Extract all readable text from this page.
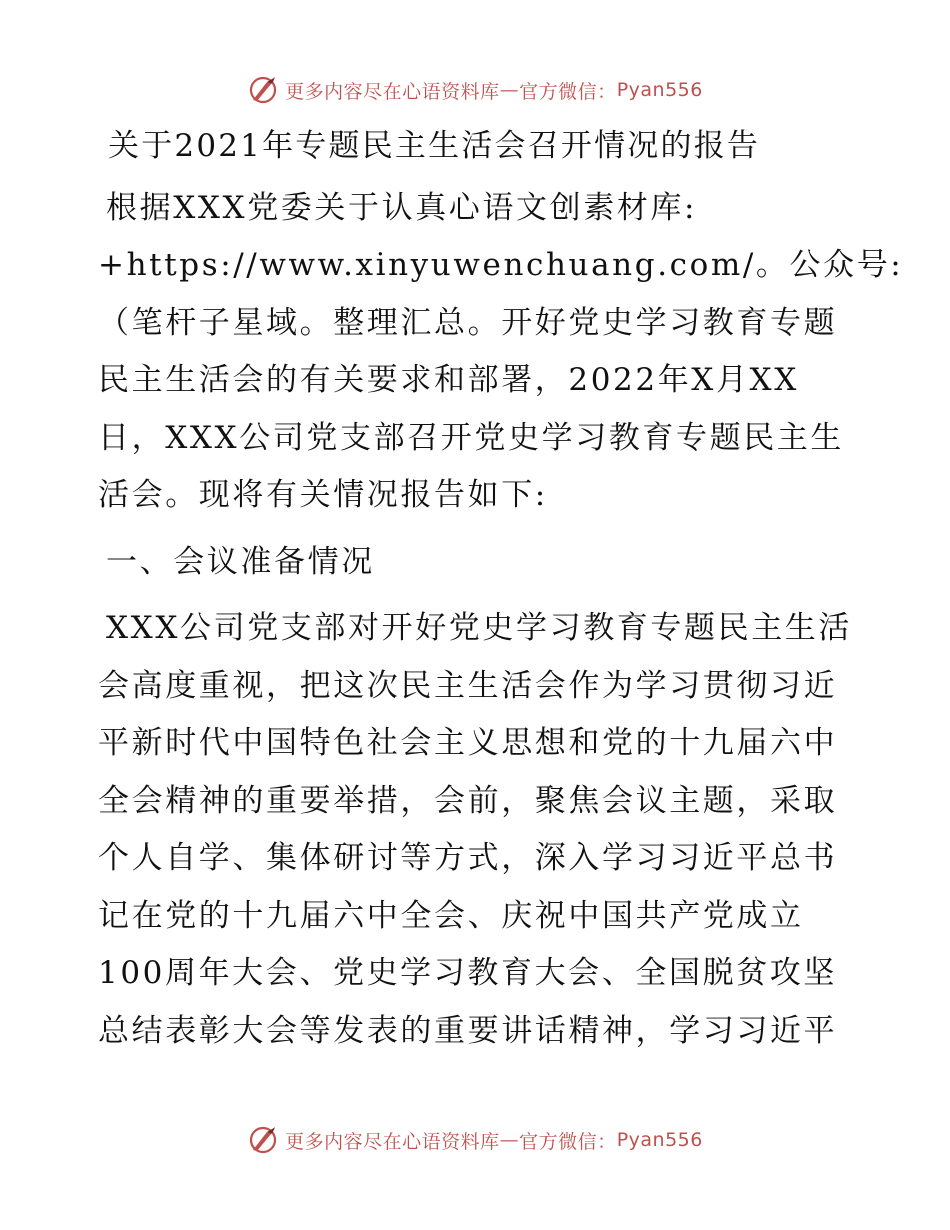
更多内容尽在心语资料库 — 官方微信： Pyan556
关于2021年专题民主生活会召开情况的报告
根据XXX党委关于认真心语文创素材库:
+https://www.xinyuwenchuang.com/。公众号:
（笔杆子星域。整理汇总。开好党史学习教育专题
民主生活会的有关要求和部署，2022年X月XX
日，XXX公司党支部召开党史学习教育专题民主生
活会。现将有关情况报告如下:
一、会议准备情况
XXX公司党支部对开好党史学习教育专题民主生活
会高度重视，把这次民主生活会作为学习贯彻习近
平新时代中国特色社会主义思想和党的十九届六中
全会精神的重要举措，会前，聚焦会议主题，采取
个人自学、集体研讨等方式，深入学习习近平总书
记在党的十九届六中全会、庆祝中国共产党成立
100周年大会、党史学习教育大会、全国脱贫攻坚
总结表彰大会等发表的重要讲话精神，学习习近平
更多内容尽在心语资料库 — 官方微信： Pyan556
